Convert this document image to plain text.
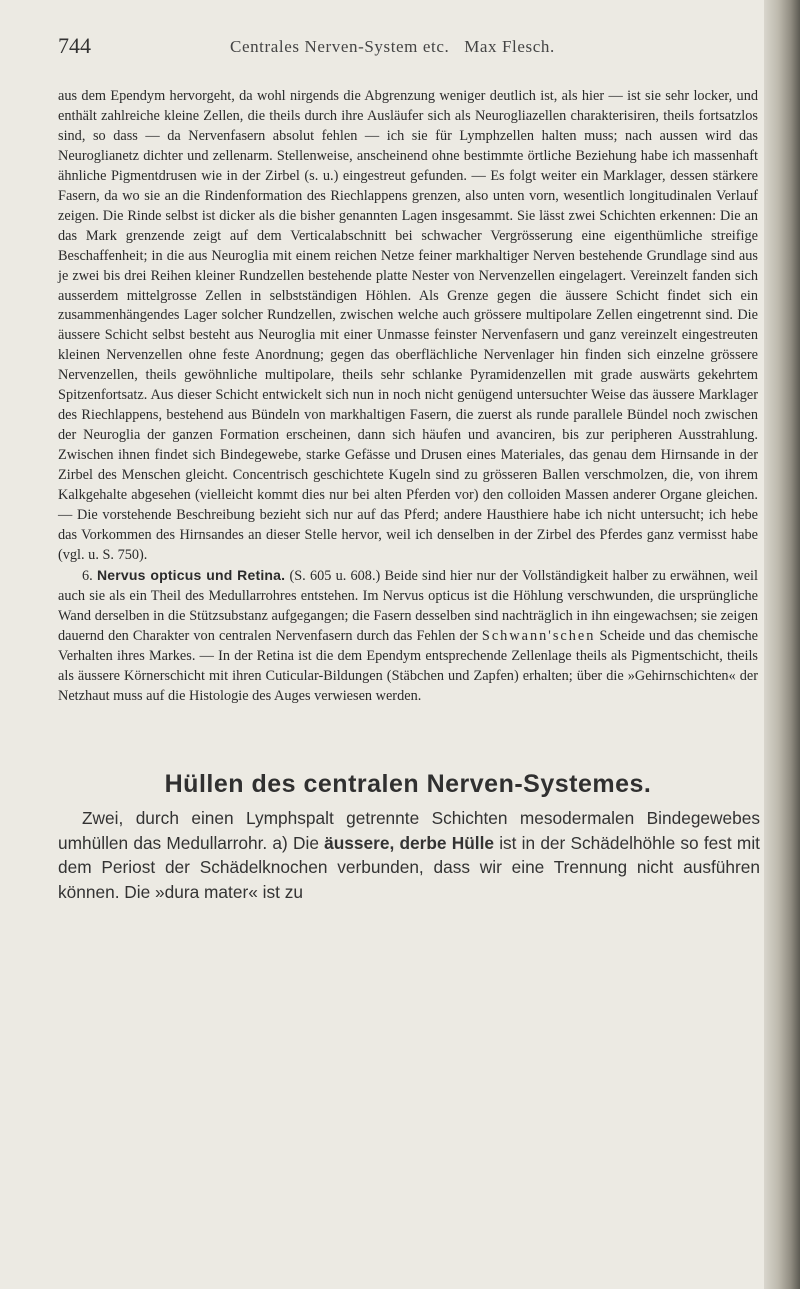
744	Centrales Nerven-System etc. Max Flesch.

aus dem Ependym hervorgeht, da wohl nirgends die Abgrenzung weniger deutlich ist, als hier — ist sie sehr locker, und enthält zahlreiche kleine Zellen, die theils durch ihre Ausläufer sich als Neurogliazellen charakterisiren, theils fortsatzlos sind, so dass — da Nervenfasern absolut fehlen — ich sie für Lymphzellen halten muss; nach aussen wird das Neuroglianetz dichter und zellenarm. Stellenweise, anscheinend ohne bestimmte örtliche Beziehung habe ich massenhaft ähnliche Pigmentdrusen wie in der Zirbel (s. u.) eingestreut gefunden. — Es folgt weiter ein Marklager, dessen stärkere Fasern, da wo sie an die Rindenformation des Riechlappens grenzen, also unten vorn, wesentlich longitudinalen Verlauf zeigen. Die Rinde selbst ist dicker als die bisher genannten Lagen insgesammt. Sie lässt zwei Schichten erkennen: Die an das Mark grenzende zeigt auf dem Verticalabschnitt bei schwacher Vergrösserung eine eigenthümliche streifige Beschaffenheit; in die aus Neuroglia mit einem reichen Netze feiner markhaltiger Nerven bestehende Grundlage sind aus je zwei bis drei Reihen kleiner Rundzellen bestehende platte Nester von Nervenzellen eingelagert. Vereinzelt fanden sich ausserdem mittelgrosse Zellen in selbstständigen Höhlen. Als Grenze gegen die äussere Schicht findet sich ein zusammenhängendes Lager solcher Rundzellen, zwischen welche auch grössere multipolare Zellen eingetrennt sind. Die äussere Schicht selbst besteht aus Neuroglia mit einer Unmasse feinster Nervenfasern und ganz vereinzelt eingestreuten kleinen Nervenzellen ohne feste Anordnung; gegen das oberflächliche Nervenlager hin finden sich einzelne grössere Nervenzellen, theils gewöhnliche multipolare, theils sehr schlanke Pyramidenzellen mit grade auswärts gekehrtem Spitzenfortsatz. Aus dieser Schicht entwickelt sich nun in noch nicht genügend untersuchter Weise das äussere Marklager des Riechlappens, bestehend aus Bündeln von markhaltigen Fasern, die zuerst als runde parallele Bündel noch zwischen der Neuroglia der ganzen Formation erscheinen, dann sich häufen und avanciren, bis zur peripheren Ausstrahlung. Zwischen ihnen findet sich Bindegewebe, starke Gefässe und Drusen eines Materiales, das genau dem Hirnsande in der Zirbel des Menschen gleicht. Concentrisch geschichtete Kugeln sind zu grösseren Ballen verschmolzen, die, von ihrem Kalkgehalte abgesehen (vielleicht kommt dies nur bei alten Pferden vor) den colloiden Massen anderer Organe gleichen. — Die vorstehende Beschreibung bezieht sich nur auf das Pferd; andere Hausthiere habe ich nicht untersucht; ich hebe das Vorkommen des Hirnsandes an dieser Stelle hervor, weil ich denselben in der Zirbel des Pferdes ganz vermisst habe (vgl. u. S. 750).

6. Nervus opticus und Retina. (S. 605 u. 608.) Beide sind hier nur der Vollständigkeit halber zu erwähnen, weil auch sie als ein Theil des Medullarrohres entstehen. Im Nervus opticus ist die Höhlung verschwunden, die ursprüngliche Wand derselben in die Stützsubstanz aufgegangen; die Fasern desselben sind nachträglich in ihn eingewachsen; sie zeigen dauernd den Charakter von centralen Nervenfasern durch das Fehlen der Schwann'schen Scheide und das chemische Verhalten ihres Markes. — In der Retina ist die dem Ependym entsprechende Zellenlage theils als Pigmentschicht, theils als äussere Körnerschicht mit ihren Cuticular-Bildungen (Stäbchen und Zapfen) erhalten; über die »Gehirnschichten« der Netzhaut muss auf die Histologie des Auges verwiesen werden.

Hüllen des centralen Nerven-Systemes.

Zwei, durch einen Lymphspalt getrennte Schichten mesodermalen Bindegewebes umhüllen das Medullarrohr. a) Die äussere, derbe Hülle ist in der Schädelhöhle so fest mit dem Periost der Schädelknochen verbunden, dass wir eine Trennung nicht ausführen können. Die »dura mater« ist zu
